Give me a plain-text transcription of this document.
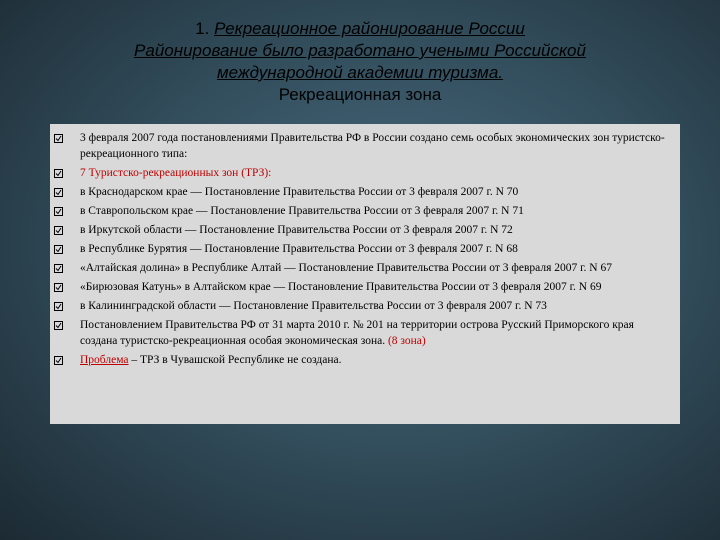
1. Рекреационное районирование России
Районирование было разработано учеными Российской
международной академии туризма.
Рекреационная зона
3 февраля 2007 года постановлениями Правительства РФ в России создано семь особых экономических зон туристско-рекреационного типа:
7 Туристско-рекреационных зон (ТРЗ):
в Краснодарском крае — Постановление Правительства России от 3 февраля 2007 г. N 70
в Ставропольском крае — Постановление Правительства России от 3 февраля 2007 г. N 71
в Иркутской области — Постановление Правительства России от 3 февраля 2007 г. N 72
в Республике Бурятия — Постановление Правительства России от 3 февраля 2007 г. N 68
«Алтайская долина» в Республике Алтай — Постановление Правительства России от 3 февраля 2007 г. N 67
«Бирюзовая Катунь» в Алтайском крае — Постановление Правительства России от 3 февраля 2007 г. N 69
в Калининградской области — Постановление Правительства России от 3 февраля 2007 г. N 73
Постановлением Правительства РФ от 31 марта 2010 г. № 201 на территории острова Русский Приморского края создана туристско-рекреационная особая экономическая зона. (8 зона)
Проблема – ТРЗ в Чувашской Республике не создана.
